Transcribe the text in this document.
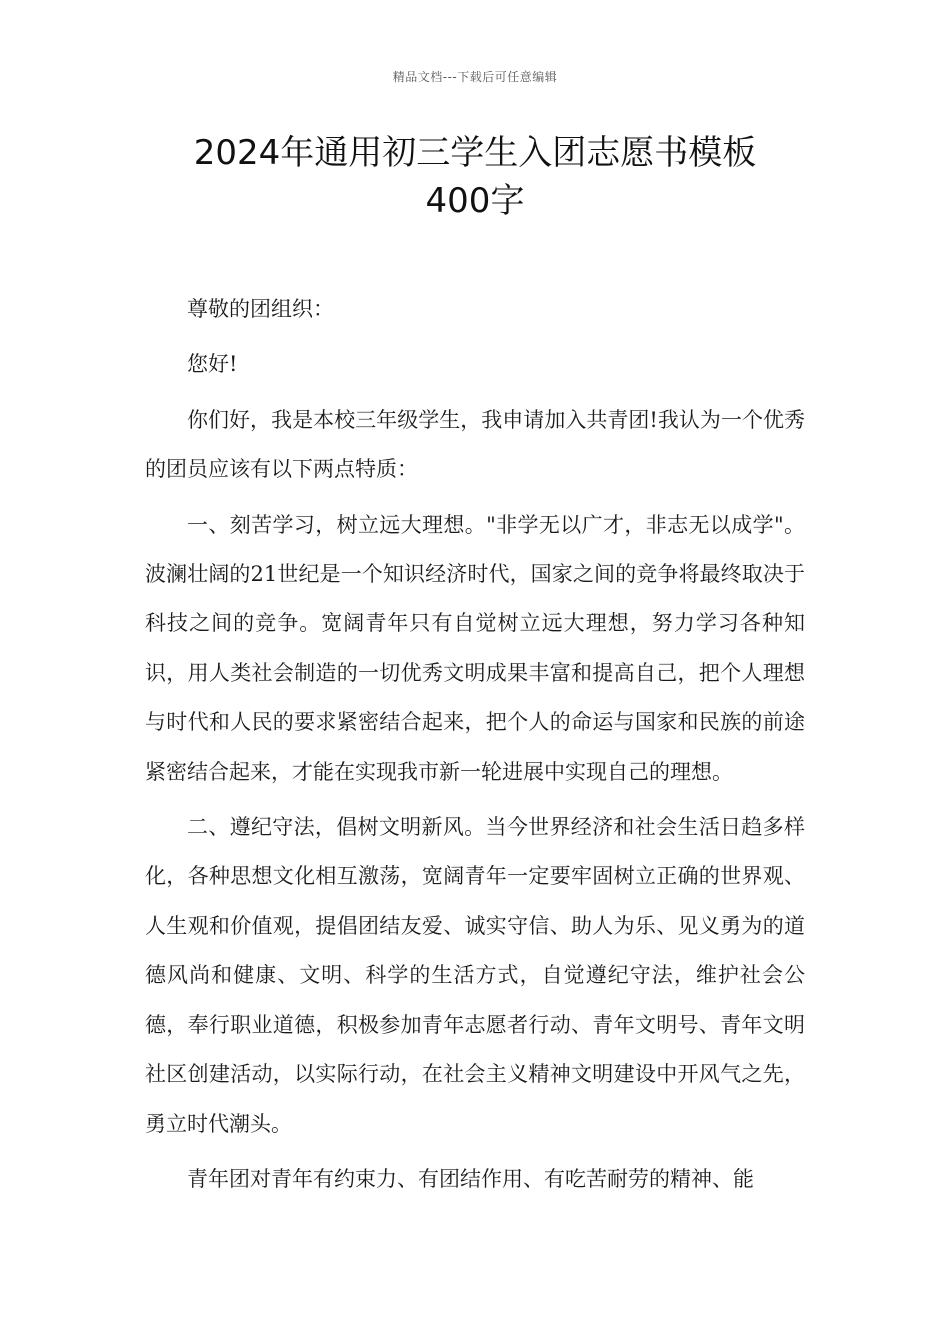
精品文档---下载后可任意编辑
2024年通用初三学生入团志愿书模板
400字

尊敬的团组织：

您好!

你们好，我是本校三年级学生，我申请加入共青团!我认为一个优秀的团员应该有以下两点特质：

一、刻苦学习，树立远大理想。"非学无以广才，非志无以成学"。波澜壮阔的21世纪是一个知识经济时代，国家之间的竞争将最终取决于科技之间的竞争。宽阔青年只有自觉树立远大理想，努力学习各种知识，用人类社会制造的一切优秀文明成果丰富和提高自己，把个人理想与时代和人民的要求紧密结合起来，把个人的命运与国家和民族的前途紧密结合起来，才能在实现我市新一轮进展中实现自己的理想。

二、遵纪守法，倡树文明新风。当今世界经济和社会生活日趋多样化，各种思想文化相互激荡，宽阔青年一定要牢固树立正确的世界观、人生观和价值观，提倡团结友爱、诚实守信、助人为乐、见义勇为的道德风尚和健康、文明、科学的生活方式，自觉遵纪守法，维护社会公德，奉行职业道德，积极参加青年志愿者行动、青年文明号、青年文明社区创建活动，以实际行动，在社会主义精神文明建设中开风气之先，勇立时代潮头。

青年团对青年有约束力、有团结作用、有吃苦耐劳的精神、能
